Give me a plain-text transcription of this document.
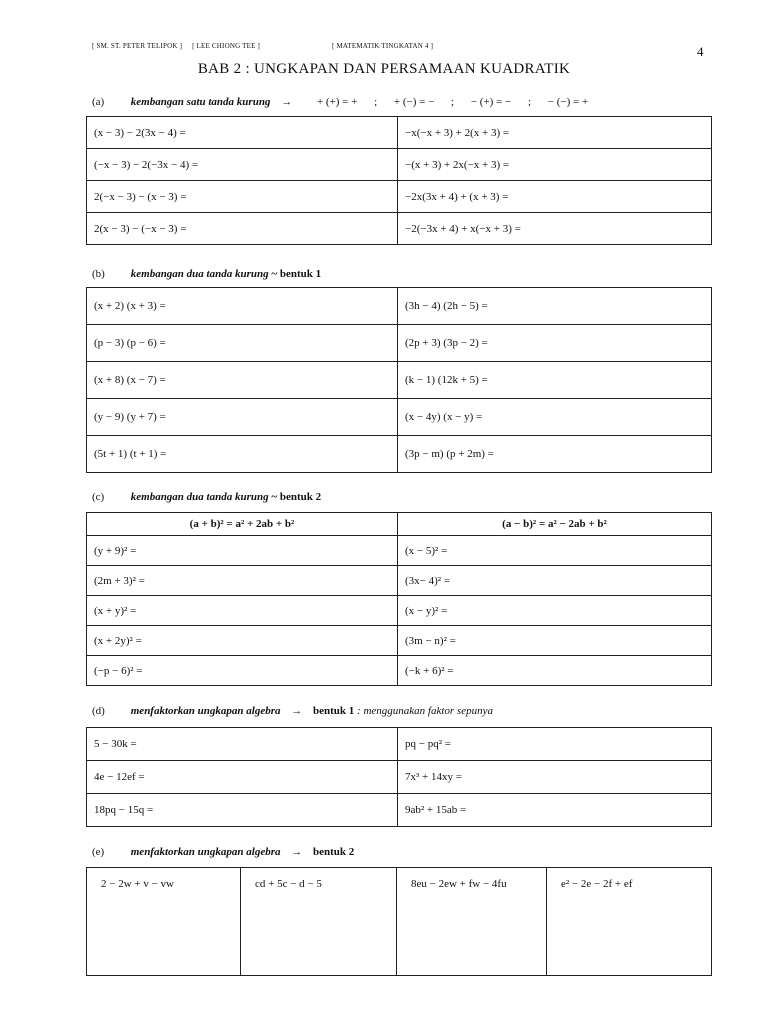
[ SM. ST. PETER TELIPOK ] [ LEE CHIONG TEE ]	[ MATEMATIK TINGKATAN 4 ]	4
BAB 2 : UNGKAPAN DAN PERSAMAAN KUADRATIK
(a) kembangan satu tanda kurung → + (+) = + ; + (−) = − ; − (+) = − ; − (−) = +
(x − 3) − 2(3x − 4) =	−x(−x + 3) + 2(x + 3) =
(−x − 3) − 2(−3x − 4) =	−(x + 3) + 2x(−x + 3) =
2(−x − 3) − (x − 3) =	−2x(3x + 4) + (x + 3) =
2(x − 3) − (−x − 3) =	−2(−3x + 4) + x(−x + 3) =
(b) kembangan dua tanda kurung ~ bentuk 1
(x + 2) (x + 3) =	(3h − 4) (2h − 5) =
(p − 3) (p − 6) =	(2p + 3) (3p − 2) =
(x + 8) (x − 7) =	(k − 1) (12k + 5) =
(y − 9) (y + 7) =	(x − 4y) (x − y) =
(5t + 1) (t + 1) =	(3p − m) (p + 2m) =
(c) kembangan dua tanda kurung ~ bentuk 2
(a + b)² = a² + 2ab + b²	(a − b)² = a² − 2ab + b²
(y + 9)² =	(x − 5)² =
(2m + 3)² =	(3x− 4)² =
(x + y)² =	(x − y)² =
(x + 2y)² =	(3m − n)² =
(−p − 6)² =	(−k + 6)² =
(d) menfaktorkan ungkapan algebra → bentuk 1 : menggunakan faktor sepunya
5 − 30k =	pq − pq² =
4e − 12ef =	7x³ + 14xy =
18pq − 15q =	9ab² + 15ab =
(e) menfaktorkan ungkapan algebra → bentuk 2
2 − 2w + v − vw	cd + 5c − d − 5	8eu − 2ew + fw − 4fu	e² − 2e − 2f + ef
